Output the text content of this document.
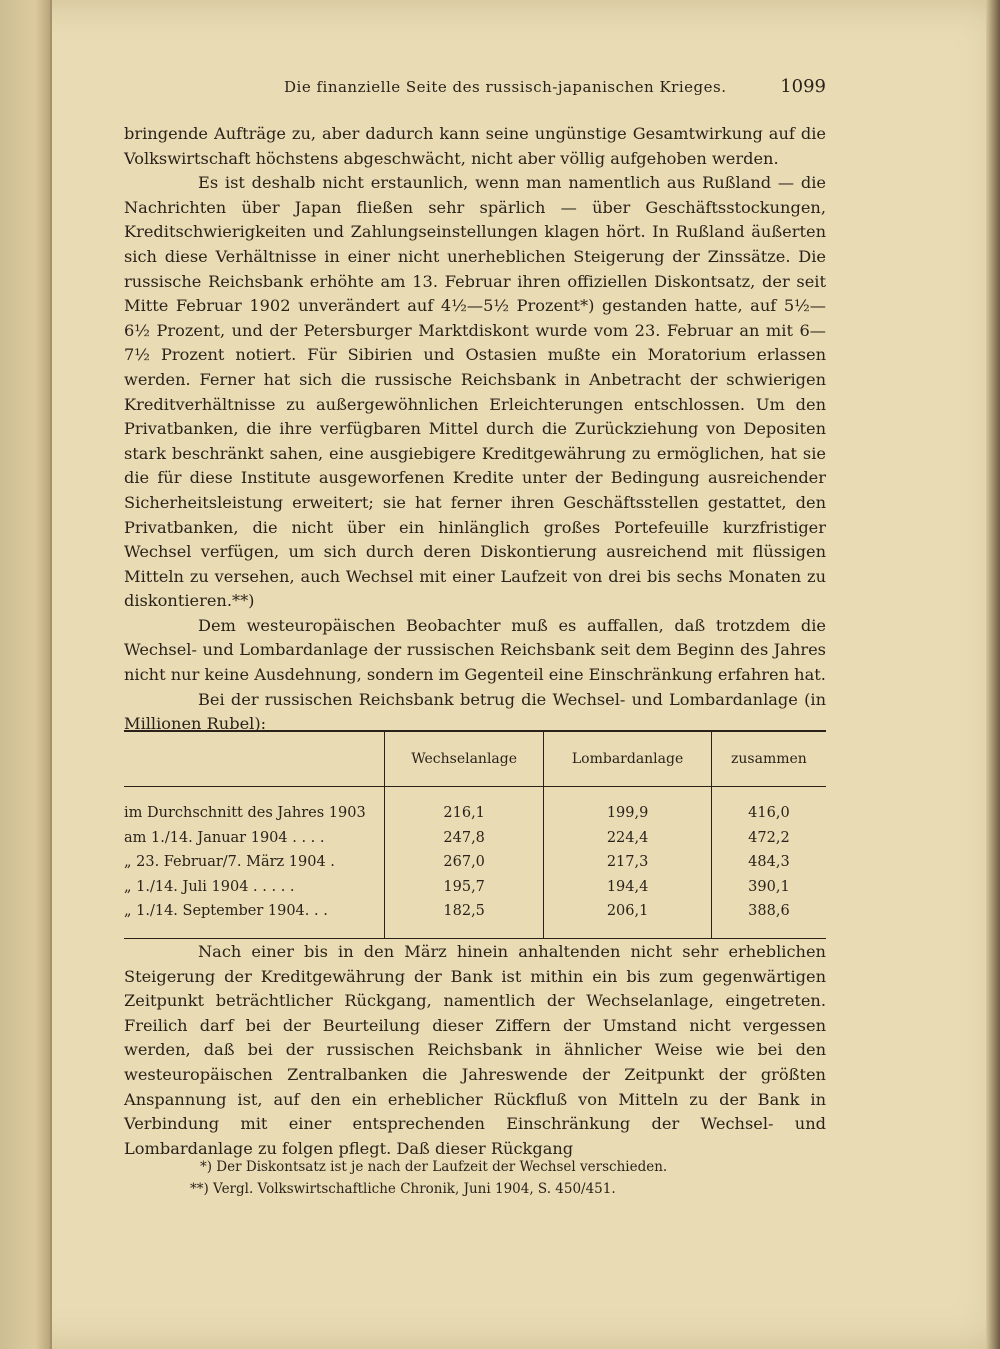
Die finanzielle Seite des russisch-japanischen Krieges.	1099

bringende Aufträge zu, aber dadurch kann seine ungünstige Gesamtwirkung auf die Volkswirtschaft höchstens abgeschwächt, nicht aber völlig aufgehoben werden.

Es ist deshalb nicht erstaunlich, wenn man namentlich aus Rußland — die Nachrichten über Japan fließen sehr spärlich — über Geschäftsstockungen, Kreditschwierigkeiten und Zahlungseinstellungen klagen hört. In Rußland äußerten sich diese Verhältnisse in einer nicht unerheblichen Steigerung der Zinssätze. Die russische Reichsbank erhöhte am 13. Februar ihren offiziellen Diskontsatz, der seit Mitte Februar 1902 unverändert auf 4½—5½ Prozent*) gestanden hatte, auf 5½—6½ Prozent, und der Petersburger Marktdiskont wurde vom 23. Februar an mit 6—7½ Prozent notiert. Für Sibirien und Ostasien mußte ein Moratorium erlassen werden. Ferner hat sich die russische Reichsbank in Anbetracht der schwierigen Kreditverhältnisse zu außergewöhnlichen Erleichterungen entschlossen. Um den Privatbanken, die ihre verfügbaren Mittel durch die Zurückziehung von Depositen stark beschränkt sahen, eine ausgiebigere Kreditgewährung zu ermöglichen, hat sie die für diese Institute ausgeworfenen Kredite unter der Bedingung ausreichender Sicherheitsleistung erweitert; sie hat ferner ihren Geschäftsstellen gestattet, den Privatbanken, die nicht über ein hinlänglich großes Portefeuille kurzfristiger Wechsel verfügen, um sich durch deren Diskontierung ausreichend mit flüssigen Mitteln zu versehen, auch Wechsel mit einer Laufzeit von drei bis sechs Monaten zu diskontieren.**)

Dem westeuropäischen Beobachter muß es auffallen, daß trotzdem die Wechsel- und Lombardanlage der russischen Reichsbank seit dem Beginn des Jahres nicht nur keine Ausdehnung, sondern im Gegenteil eine Einschränkung erfahren hat.

Bei der russischen Reichsbank betrug die Wechsel- und Lombardanlage (in Millionen Rubel):

	Wechselanlage	Lombardanlage	zusammen
im Durchschnitt des Jahres 1903	216,1	199,9	416,0
am 1./14. Januar 1904 . . . .	247,8	224,4	472,2
„ 23. Februar/7. März 1904 .	267,0	217,3	484,3
„ 1./14. Juli 1904 . . . . .	195,7	194,4	390,1
„ 1./14. September 1904. . .	182,5	206,1	388,6

Nach einer bis in den März hinein anhaltenden nicht sehr erheblichen Steigerung der Kreditgewährung der Bank ist mithin ein bis zum gegenwärtigen Zeitpunkt beträchtlicher Rückgang, namentlich der Wechselanlage, eingetreten. Freilich darf bei der Beurteilung dieser Ziffern der Umstand nicht vergessen werden, daß bei der russischen Reichsbank in ähnlicher Weise wie bei den westeuropäischen Zentralbanken die Jahreswende der Zeitpunkt der größten Anspannung ist, auf den ein erheblicher Rückfluß von Mitteln zu der Bank in Verbindung mit einer entsprechenden Einschränkung der Wechsel- und Lombardanlage zu folgen pflegt. Daß dieser Rückgang

*) Der Diskontsatz ist je nach der Laufzeit der Wechsel verschieden.
**) Vergl. Volkswirtschaftliche Chronik, Juni 1904, S. 450/451.
